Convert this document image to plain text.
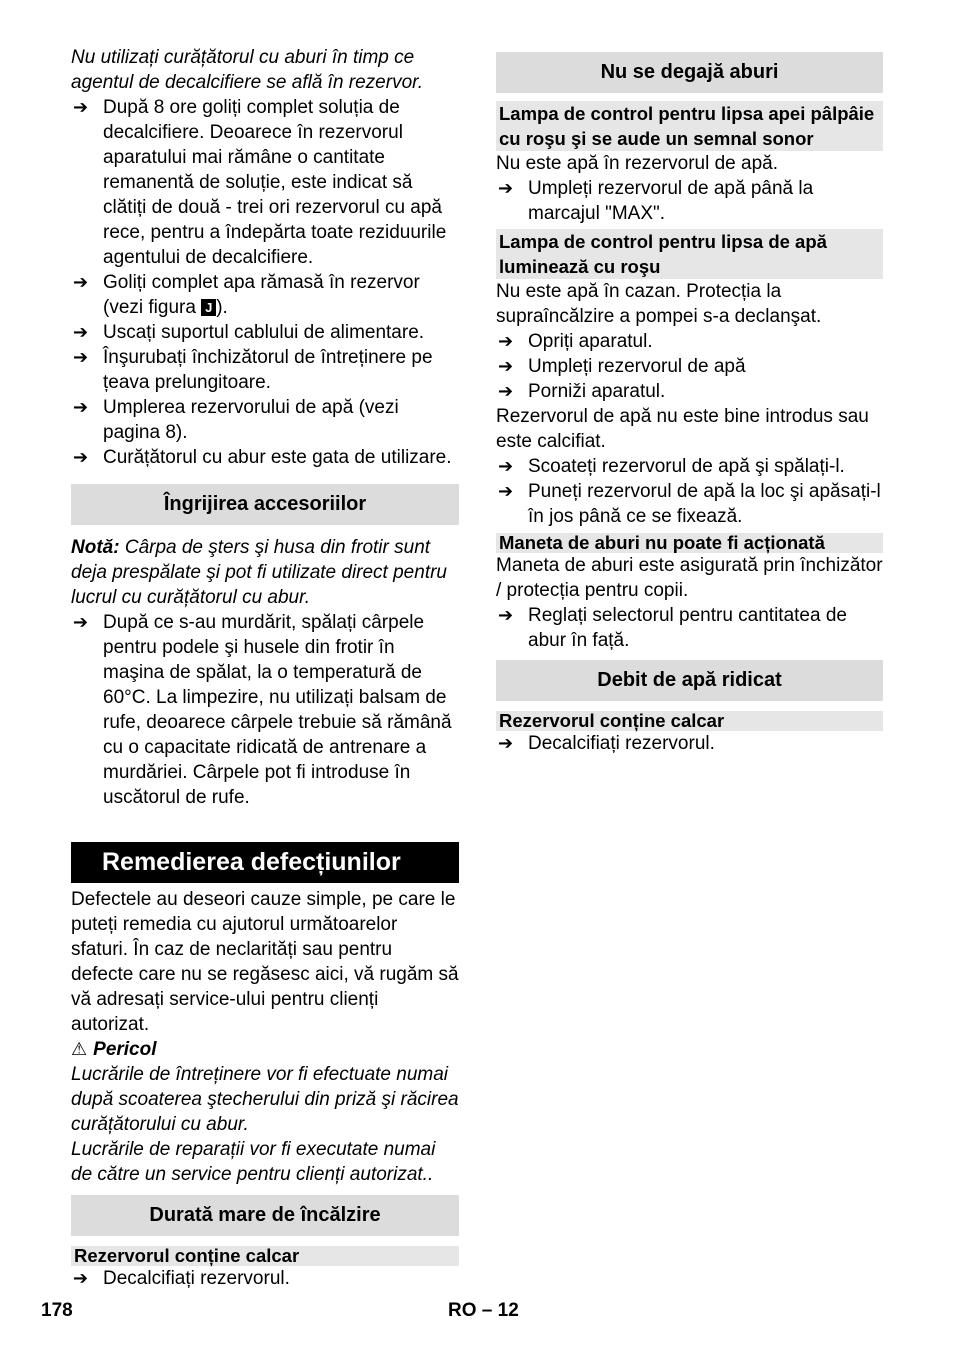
Nu utilizați curățătorul cu aburi în timp ce agentul de decalcifiere se află în rezervor.

➔ După 8 ore goliți complet soluția de decalcifiere. Deoarece în rezervorul aparatului mai rămâne o cantitate remanentă de soluție, este indicat să clătiți de două - trei ori rezervorul cu apă rece, pentru a îndepărta toate reziduurile agentului de decalcifiere.
➔ Goliți complet apa rămasă în rezervor (vezi figura J ).
➔ Uscați suportul cablului de alimentare.
➔ Înşurubați închizătorul de întreținere pe țeava prelungitoare.
➔ Umplerea rezervorului de apă (vezi pagina 8).
➔ Curățătorul cu abur este gata de utilizare.
Îngrijirea accesoriilor

Notă: Cârpa de şters şi husa din frotir sunt deja prespălate şi pot fi utilizate direct pentru lucrul cu curățătorul cu abur.

➔ După ce s-au murdărit, spălați cârpele pentru podele şi husele din frotir în maşina de spălat, la o temperatură de 60°C. La limpezire, nu utilizați balsam de rufe, deoarece cârpele trebuie să rămână cu o capacitate ridicată de antrenare a murdăriei. Cârpele pot fi introduse în uscătorul de rufe.
Remedierea defecțiunilor

Defectele au deseori cauze simple, pe care le puteți remedia cu ajutorul următoarelor sfaturi. În caz de neclarități sau pentru defecte care nu se regăsesc aici, vă rugăm să vă adresați service-ului pentru clienți autorizat.

⚠ Pericol

Lucrările de întreținere vor fi efectuate numai după scoaterea ştecherului din priză şi răcirea curățătorului cu abur.

Lucrările de reparații vor fi executate numai de către un service pentru clienți autorizat..

Durată mare de încălzire
Rezervorul conține calcar
➔ Decalcifiați rezervorul.
Nu se degajă aburi
Lampa de control pentru lipsa apei pâlpâie cu roşu şi se aude un semnal sonor

Nu este apă în rezervorul de apă.

➔ Umpleți rezervorul de apă până la marcajul "MAX".
Lampa de control pentru lipsa de apă luminează cu roşu

Nu este apă în cazan. Protecția la supraîncălzire a pompei s-a declanşat.

➔ Opriți aparatul.
➔ Umpleți rezervorul de apă
➔ Porniži aparatul.

Rezervorul de apă nu este bine introdus sau este calcifiat.

➔ Scoateți rezervorul de apă şi spălați-l.
➔ Puneți rezervorul de apă la loc şi apăsați-l în jos până ce se fixează.
Maneta de aburi nu poate fi acționată

Maneta de aburi este asigurată prin închizător / protecția pentru copii.

➔ Reglați selectorul pentru cantitatea de abur în față.
Debit de apă ridicat
Rezervorul conține calcar
➔ Decalcifiați rezervorul.
178	RO – 12
